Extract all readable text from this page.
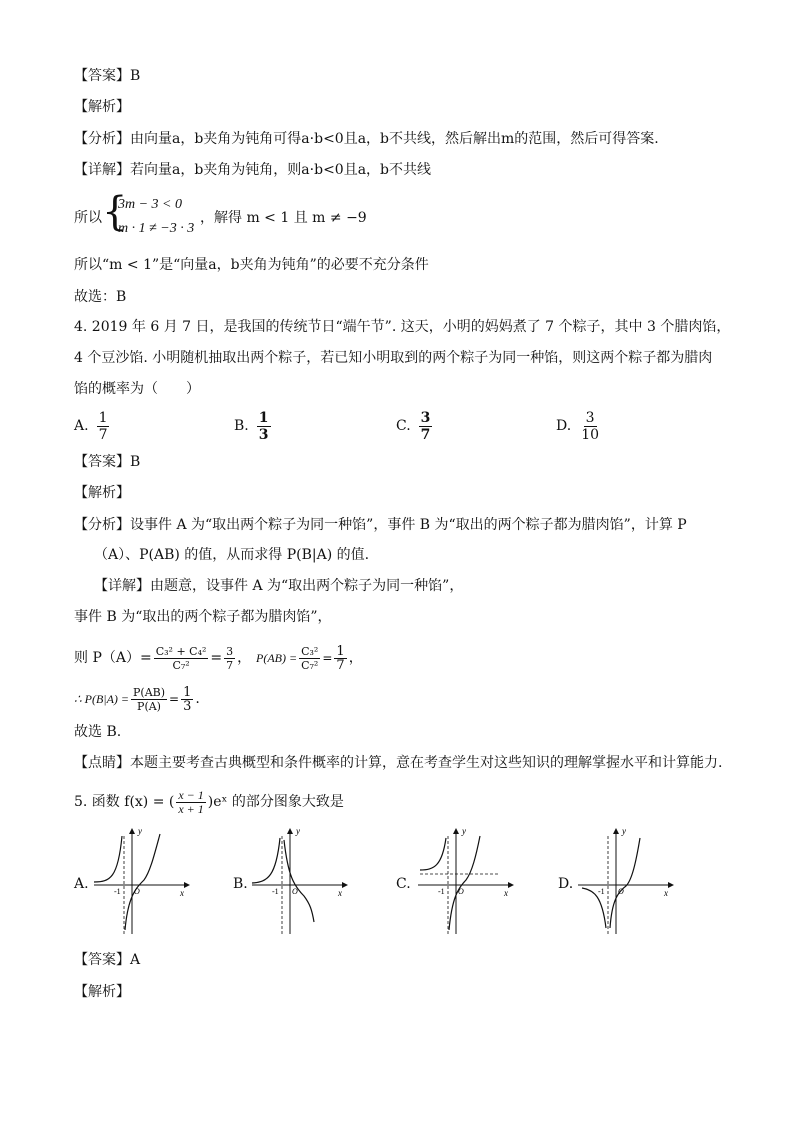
【答案】B
【解析】
【分析】由向量a，b夹角为钝角可得a·b<0且a，b不共线，然后解出m的范围，然后可得答案.
【详解】若向量a，b夹角为钝角，则a·b<0且a，b不共线
所以 {
3m − 3 < 0
m · 1 ≠ −3 · 3
，解得 m < 1 且 m ≠ −9
所以“m < 1”是“向量a，b夹角为钝角”的必要不充分条件
故选：B
4. 2019 年 6 月 7 日，是我国的传统节日“端午节”. 这天，小明的妈妈煮了 7 个粽子，其中 3 个腊肉馅，
4 个豆沙馅. 小明随机抽取出两个粽子，若已知小明取到的两个粽子为同一种馅，则这两个粽子都为腊肉
馅的概率为（　　）
A. $\frac{1}{7}$	B. $\frac{1}{3}$	C. $\frac{3}{7}$	D. $\frac{3}{10}$
【答案】B
【解析】
【分析】设事件 A 为“取出两个粽子为同一种馅”，事件 B 为“取出的两个粽子都为腊肉馅”，计算 P
（A）、P(AB) 的值，从而求得 P(B|A) 的值.
【详解】由题意，设事件 A 为“取出两个粽子为同一种馅”，
事件 B 为“取出的两个粽子都为腊肉馅”，
则 $P(A)= \frac{\text{C₃² + C₄²}}{\text{C₇²}} = \frac{3}{7}$ ， $P(AB) = \frac{\text{C₃²}}{\text{C₇²}} = \frac{1}{7}$ ，
∴ $P(B|A) = \frac{P(AB)}{P(A)} = \frac{1}{3}$ .
故选 B.
【点睛】本题主要考查古典概型和条件概率的计算，意在考查学生对这些知识的理解掌握水平和计算能力.
5. 函数 f(x) = ( $\frac{x - 1}{x + 1}$ )eˣ 的部分图象大致是
A.
x
y
-1 O	B.
x
y
-1 O	C.
x
y
-1 O	D.
x
y
-1 O
【答案】A
【解析】
